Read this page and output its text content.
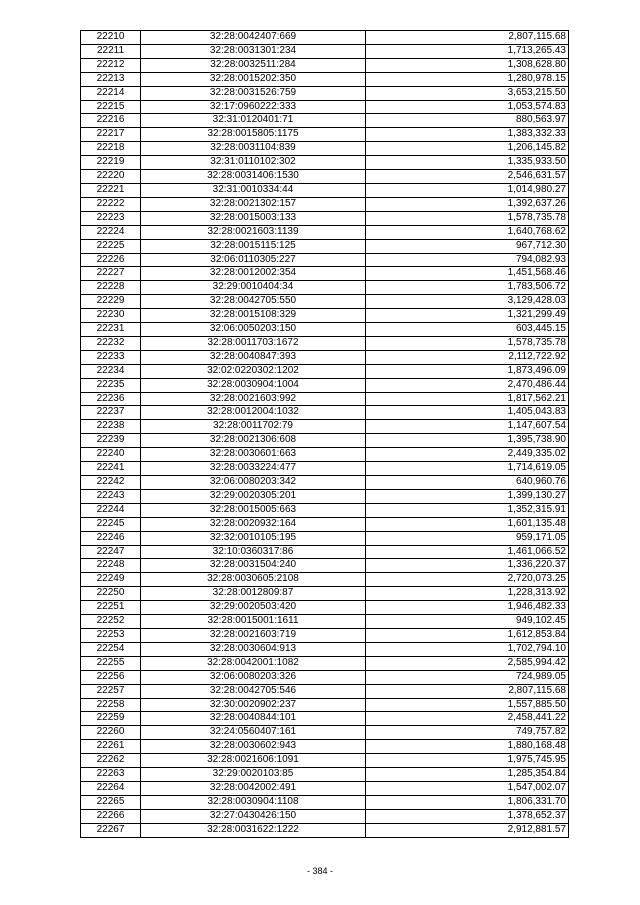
22210	32:28:0042407:669	2,807,115.68
22211	32:28:0031301:234	1,713,265.43
22212	32:28:0032511:284	1,308,628.80
22213	32:28:0015202:350	1,280,978.15
22214	32:28:0031526:759	3,653,215.50
22215	32:17:0960222:333	1,053,574.83
22216	32:31:0120401:71	880,563.97
22217	32:28:0015805:1175	1,383,332.33
22218	32:28:0031104:839	1,206,145.82
22219	32:31:0110102:302	1,335,933.50
22220	32:28:0031406:1530	2,546,631.57
22221	32:31:0010334:44	1,014,980.27
22222	32:28:0021302:157	1,392,637.26
22223	32:28:0015003:133	1,578,735.78
22224	32:28:0021603:1139	1,640,768.62
22225	32:28:0015115:125	967,712.30
22226	32:06:0110305:227	794,082.93
22227	32:28:0012002:354	1,451,568.46
22228	32:29:0010404:34	1,783,506.72
22229	32:28:0042705:550	3,129,428.03
22230	32:28:0015108:329	1,321,299.49
22231	32:06:0050203:150	603,445.15
22232	32:28:0011703:1672	1,578,735.78
22233	32:28:0040847:393	2,112,722.92
22234	32:02:0220302:1202	1,873,496.09
22235	32:28:0030904:1004	2,470,486.44
22236	32:28:0021603:992	1,817,562.21
22237	32:28:0012004:1032	1,405,043.83
22238	32:28:0011702:79	1,147,607.54
22239	32:28:0021306:608	1,395,738.90
22240	32:28:0030601:663	2,449,335.02
22241	32:28:0033224:477	1,714,619.05
22242	32:06:0080203:342	640,960.76
22243	32:29:0020305:201	1,399,130.27
22244	32:28:0015005:663	1,352,315.91
22245	32:28:0020932:164	1,601,135.48
22246	32:32:0010105:195	959,171.05
22247	32:10:0360317:86	1,461,066.52
22248	32:28:0031504:240	1,336,220.37
22249	32:28:0030605:2108	2,720,073.25
22250	32:28:0012809:87	1,228,313.92
22251	32:29:0020503:420	1,946,482.33
22252	32:28:0015001:1611	949,102.45
22253	32:28:0021603:719	1,612,853.84
22254	32:28:0030604:913	1,702,794.10
22255	32:28:0042001:1082	2,585,994.42
22256	32:06:0080203:326	724,989.05
22257	32:28:0042705:546	2,807,115.68
22258	32:30:0020902:237	1,557,885.50
22259	32:28:0040844:101	2,458,441.22
22260	32:24:0560407:161	749,757.82
22261	32:28:0030602:943	1,880,168.48
22262	32:28:0021606:1091	1,975,745.95
22263	32:29:0020103:85	1,285,354.84
22264	32:28:0042002:491	1,547,002.07
22265	32:28:0030904:1108	1,806,331.70
22266	32:27:0430426:150	1,378,652.37
22267	32:28:0031622:1222	2,912,881.57
- 384 -
